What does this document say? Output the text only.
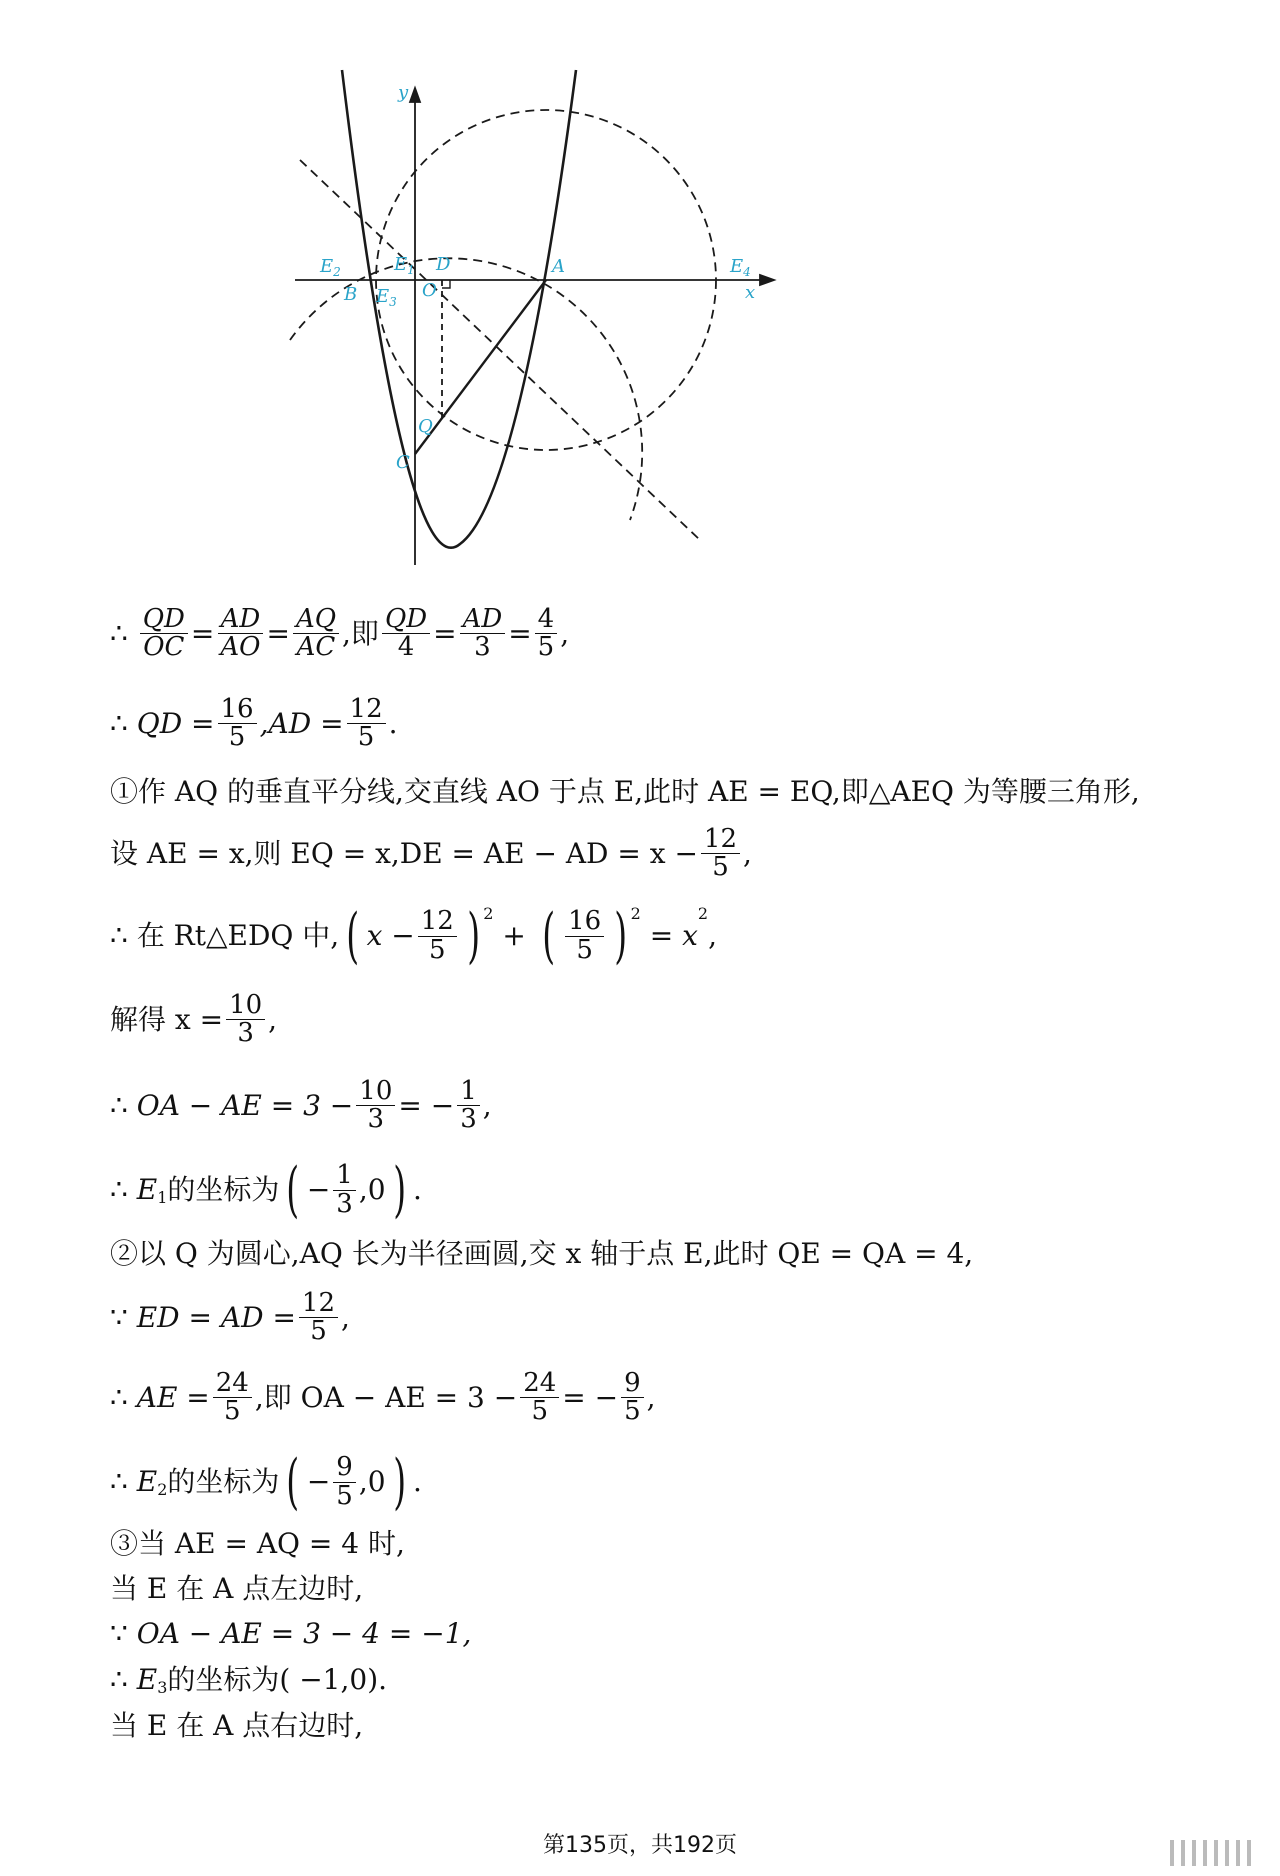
y
x
$E_2$	$E_1$ D	A	$E_4$
B $E_3$
O
Q
C
∴
$\frac{QD}{OC} = \frac{AD}{AO} = \frac{AQ}{AC}$ ,即 $\frac{QD}{4} = \frac{AD}{3} = \frac{4}{5}$ ,
∴
QD = $\frac{16}{5} ,AD = \frac{12}{5}$ .
①作 AQ 的垂直平分线,交直线 AO 于点 E,此时 AE = EQ,即△AEQ 为等腰三角形,
设 AE = x,则 EQ = x,DE = AE − AD = $x - \frac{12}{5}$ ,
∴
在 Rt△EDQ 中, ( $x - \frac{12}{5}$ ) 2

+
( $\frac{16}{5}$ ) 2

= x
2
,
解得 $x = \frac{10}{3}$ ,
∴
OA − AE = $3 - \frac{10}{3}$ = − $\frac{1}{3}$ ,
∴
E 1 的坐标为 ( − $\frac{1}{3} ,0$ ) .
②以 Q 为圆心,AQ 长为半径画圆,交 x 轴于点 E,此时 QE = QA = 4,
∵
ED = AD = $\frac{12}{5}$ ,
∴
AE = $\frac{24}{5}$ ,即 OA − AE = $3 - \frac{24}{5}$ = − $\frac{9}{5}$ ,
∴
E 2 的坐标为 ( − $\frac{9}{5} ,0$ ) .
③当 AE = AQ = 4 时,
当 E 在 A 点左边时,
∵
OA − AE = 3 − 4 = −1,
∴
E 3 的坐标为( −1,0).
当 E 在 A 点右边时,
第135页，共192页
